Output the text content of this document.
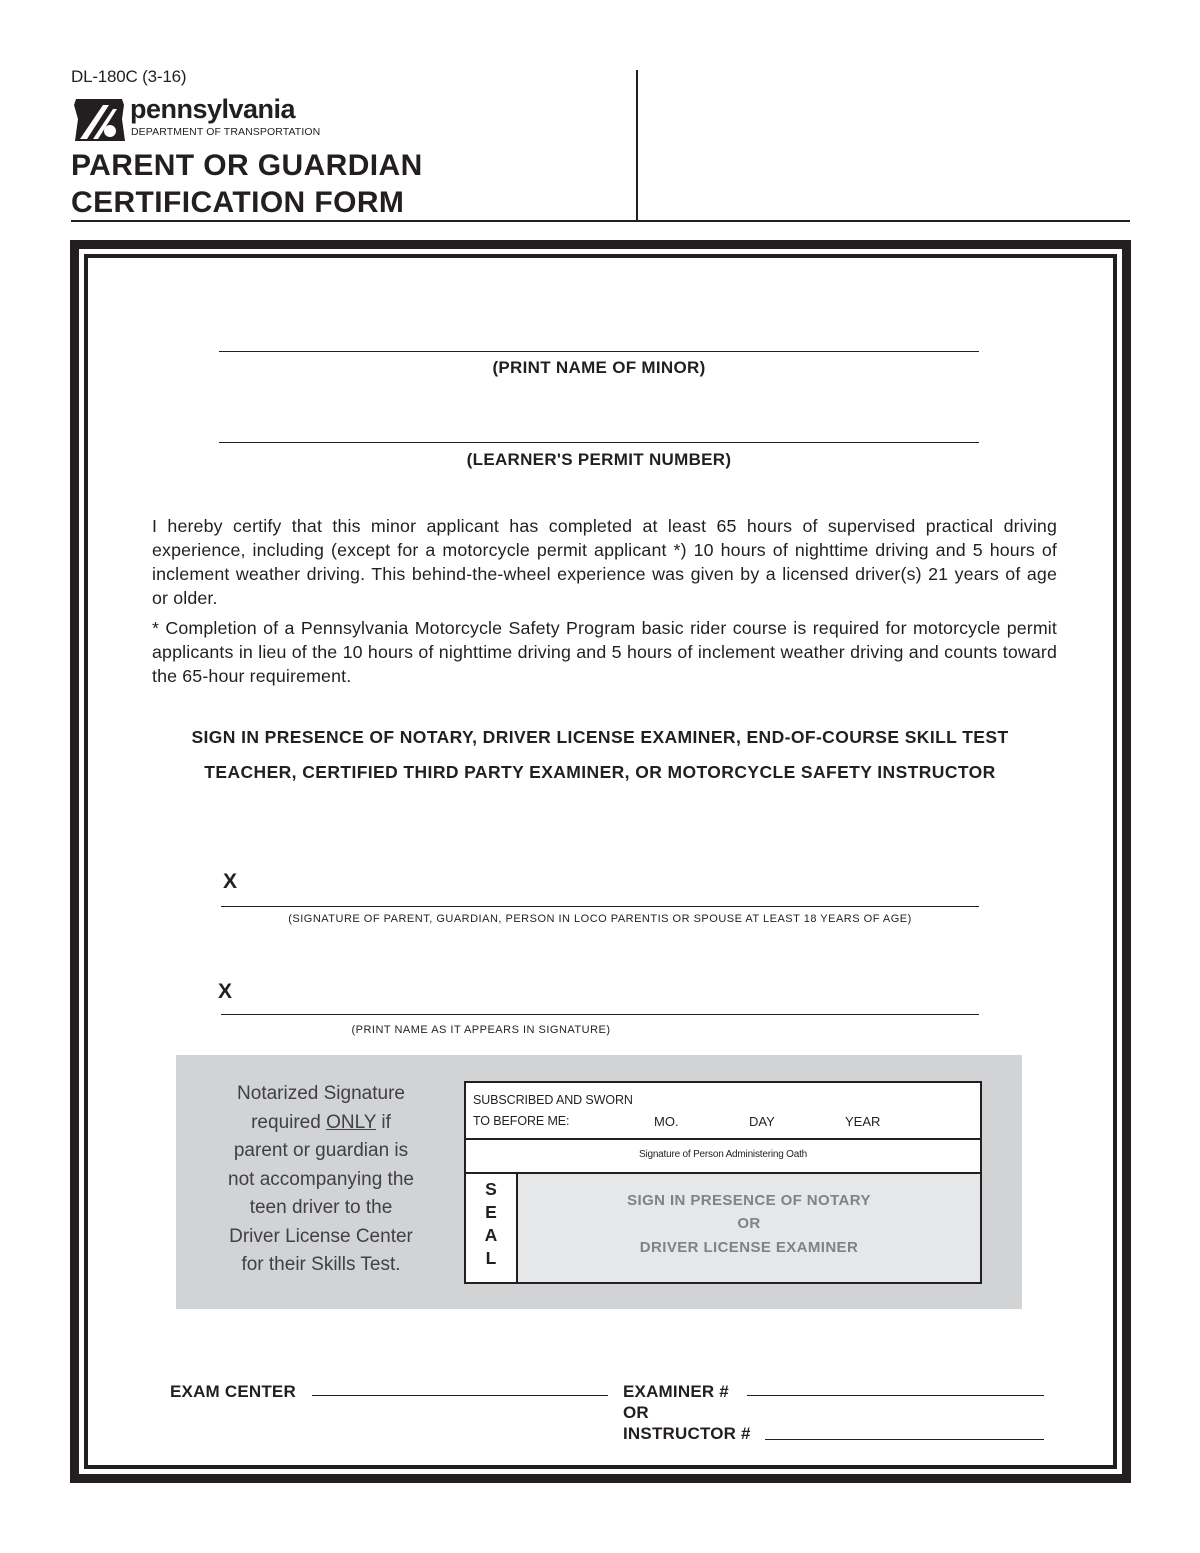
DL-180C (3-16)
pennsylvania
DEPARTMENT OF TRANSPORTATION
PARENT OR GUARDIAN
CERTIFICATION FORM
(PRINT NAME OF MINOR)
(LEARNER'S PERMIT NUMBER)
I hereby certify that this minor applicant has completed at least 65 hours of supervised practical driving experience, including (except for a motorcycle permit applicant *) 10 hours of nighttime driving and 5 hours of inclement weather driving. This behind-the-wheel experience was given by a licensed driver(s) 21 years of age or older.
* Completion of a Pennsylvania Motorcycle Safety Program basic rider course is required for motorcycle permit applicants in lieu of the 10 hours of nighttime driving and 5 hours of inclement weather driving and counts toward the 65-hour requirement.
SIGN IN PRESENCE OF NOTARY, DRIVER LICENSE EXAMINER, END-OF-COURSE SKILL TEST
TEACHER, CERTIFIED THIRD PARTY EXAMINER, OR MOTORCYCLE SAFETY INSTRUCTOR
X
(SIGNATURE OF PARENT, GUARDIAN, PERSON IN LOCO PARENTIS OR SPOUSE AT LEAST 18 YEARS OF AGE)
X
(PRINT NAME AS IT APPEARS IN SIGNATURE)
Notarized Signature
required ONLY if
parent or guardian is
not accompanying the
teen driver to the
Driver License Center
for their Skills Test.
SUBSCRIBED AND SWORN
TO BEFORE ME:	MO.	DAY	YEAR
Signature of Person Administering Oath
S
E
A
L
SIGN IN PRESENCE OF NOTARY
OR
DRIVER LICENSE EXAMINER
EXAM CENTER	EXAMINER #
OR
INSTRUCTOR #
